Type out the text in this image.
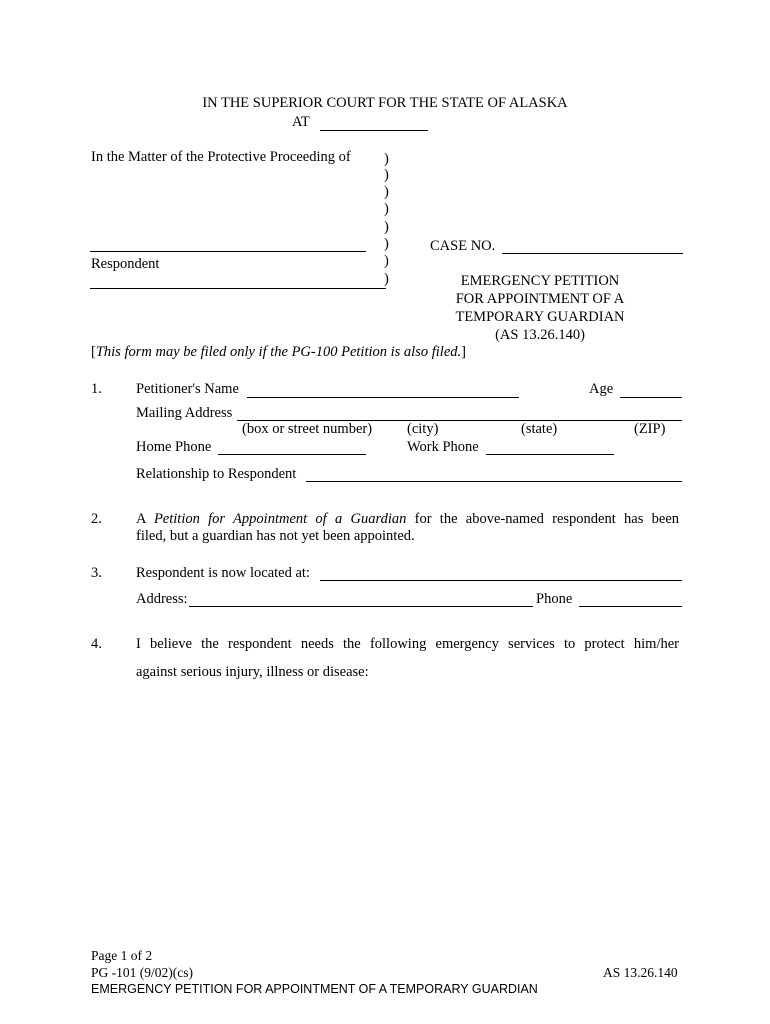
IN THE SUPERIOR COURT FOR THE STATE OF ALASKA
AT
In the Matter of the Protective Proceeding of
Respondent
)
)
)
)
)
)
)
)
CASE NO.
EMERGENCY PETITION
FOR APPOINTMENT OF A
TEMPORARY GUARDIAN
(AS 13.26.140)
[This form may be filed only if the PG-100 Petition is also filed.]
1. Petitioner's Name	Age
Mailing Address
(box or street number) (city)	(state)	(ZIP)
Home Phone	Work Phone
Relationship to Respondent
2. A Petition for Appointment of a Guardian for the above-named respondent has been
filed, but a guardian has not yet been appointed.
3. Respondent is now located at:
Address:	Phone
4. I believe the respondent needs the following emergency services to protect him/her
against serious injury, illness or disease:
Page 1 of 2
PG -101 (9/02)(cs)	AS 13.26.140
EMERGENCY PETITION FOR APPOINTMENT OF A TEMPORARY GUARDIAN
